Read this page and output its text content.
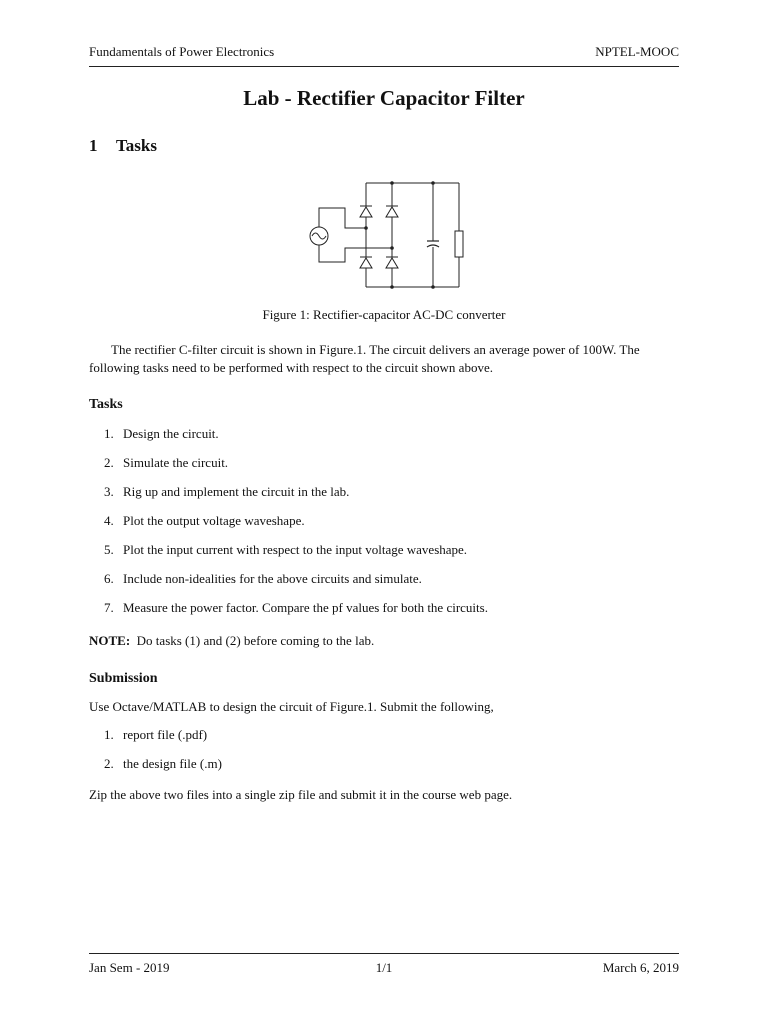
Fundamentals of Power Electronics	NPTEL-MOOC
Lab - Rectifier Capacitor Filter
1 Tasks
Figure 1: Rectifier-capacitor AC-DC converter
The rectifier C-filter circuit is shown in Figure.1. The circuit delivers an average power of 100W. The following tasks need to be performed with respect to the circuit shown above.
Tasks
1. Design the circuit.
2. Simulate the circuit.
3. Rig up and implement the circuit in the lab.
4. Plot the output voltage waveshape.
5. Plot the input current with respect to the input voltage waveshape.
6. Include non-idealities for the above circuits and simulate.
7. Measure the power factor. Compare the pf values for both the circuits.
NOTE: Do tasks (1) and (2) before coming to the lab.
Submission
Use Octave/MATLAB to design the circuit of Figure.1. Submit the following,
1. report file (.pdf)
2. the design file (.m)
Zip the above two files into a single zip file and submit it in the course web page.
Jan Sem - 2019	1/1	March 6, 2019
